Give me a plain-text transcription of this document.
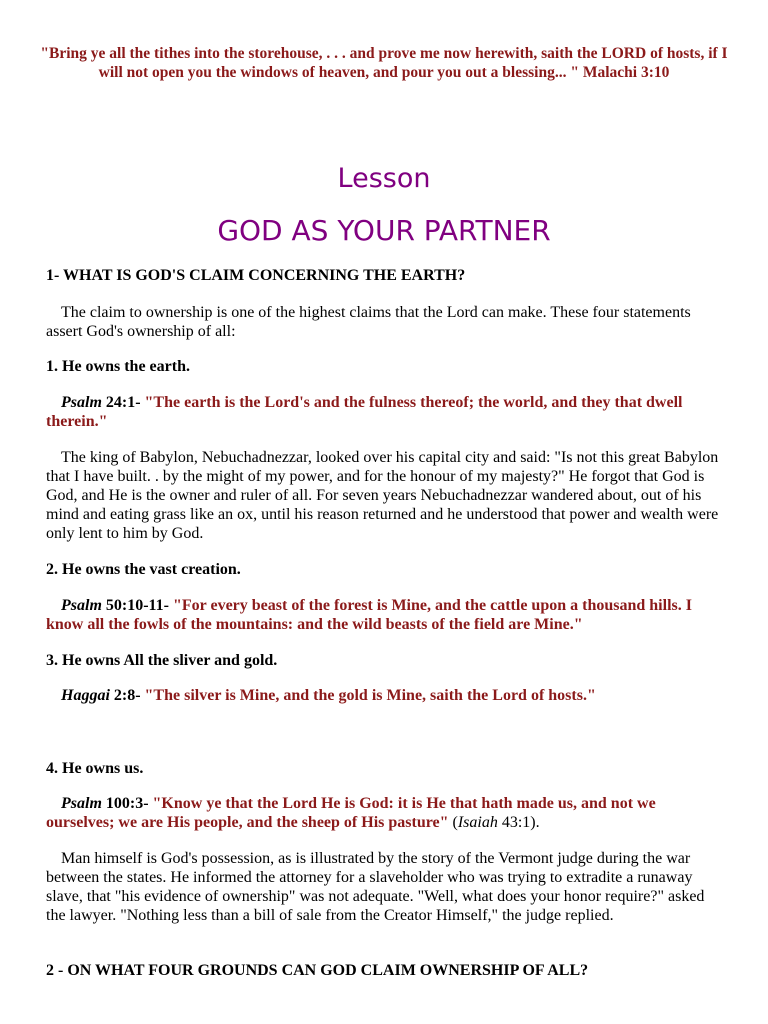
"Bring ye all the tithes into the storehouse, . . . and prove me now herewith, saith the LORD of hosts, if I will not open you the windows of heaven, and pour you out a blessing... " Malachi 3:10
Lesson
GOD AS YOUR PARTNER

1- WHAT IS GOD'S CLAIM CONCERNING THE EARTH?

The claim to ownership is one of the highest claims that the Lord can make. These four statements assert God's ownership of all:

1. He owns the earth.

Psalm 24:1- "The earth is the Lord's and the fulness thereof; the world, and they that dwell therein."

The king of Babylon, Nebuchadnezzar, looked over his capital city and said: "Is not this great Babylon that I have built. . by the might of my power, and for the honour of my majesty?" He forgot that God is God, and He is the owner and ruler of all. For seven years Nebuchadnezzar wandered about, out of his mind and eating grass like an ox, until his reason returned and he understood that power and wealth were only lent to him by God.

2. He owns the vast creation.

Psalm 50:10-11- "For every beast of the forest is Mine, and the cattle upon a thousand hills. I know all the fowls of the mountains: and the wild beasts of the field are Mine."

3. He owns All the sliver and gold.

Haggai 2:8- "The silver is Mine, and the gold is Mine, saith the Lord of hosts."

4. He owns us.

Psalm 100:3- "Know ye that the Lord He is God: it is He that hath made us, and not we ourselves; we are His people, and the sheep of His pasture" (Isaiah 43:1).

Man himself is God's possession, as is illustrated by the story of the Vermont judge during the war between the states. He informed the attorney for a slaveholder who was trying to extradite a runaway slave, that "his evidence of ownership" was not adequate. "Well, what does your honor require?" asked the lawyer. "Nothing less than a bill of sale from the Creator Himself," the judge replied.

2 - ON WHAT FOUR GROUNDS CAN GOD CLAIM OWNERSHIP OF ALL?
